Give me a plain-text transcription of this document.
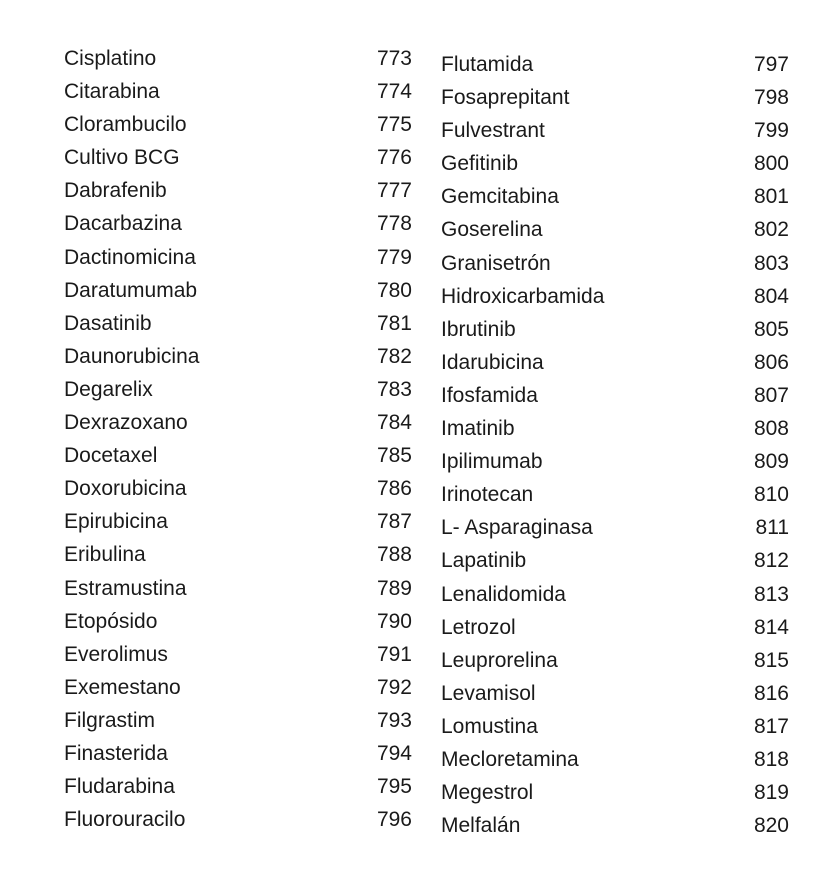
Cisplatino	773
Citarabina	774
Clorambucilo	775
Cultivo BCG	776
Dabrafenib	777
Dacarbazina	778
Dactinomicina	779
Daratumumab	780
Dasatinib	781
Daunorubicina	782
Degarelix	783
Dexrazoxano	784
Docetaxel	785
Doxorubicina	786
Epirubicina	787
Eribulina	788
Estramustina	789
Etopósido	790
Everolimus	791
Exemestano	792
Filgrastim	793
Finasterida	794
Fludarabina	795
Fluorouracilo	796
Flutamida	797
Fosaprepitant	798
Fulvestrant	799
Gefitinib	800
Gemcitabina	801
Goserelina	802
Granisetrón	803
Hidroxicarbamida	804
Ibrutinib	805
Idarubicina	806
Ifosfamida	807
Imatinib	808
Ipilimumab	809
Irinotecan	810
L- Asparaginasa	811
Lapatinib	812
Lenalidomida	813
Letrozol	814
Leuprorelina	815
Levamisol	816
Lomustina	817
Mecloretamina	818
Megestrol	819
Melfalán	820
